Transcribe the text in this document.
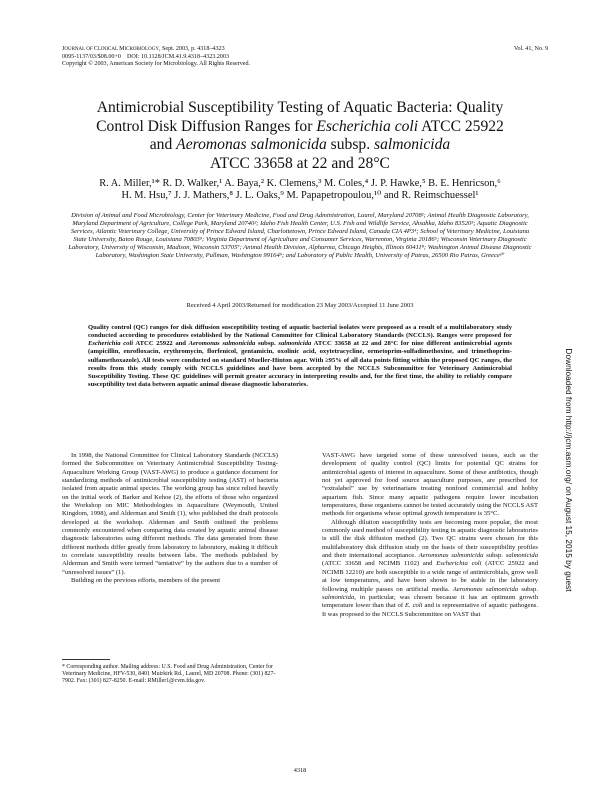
JOURNAL OF CLINICAL MICROBIOLOGY, Sept. 2003, p. 4318–4323
0095-1137/03/$08.00+0    DOI: 10.1128/JCM.41.9.4318–4323.2003
Copyright © 2003, American Society for Microbiology. All Rights Reserved.
Vol. 41, No. 9
Antimicrobial Susceptibility Testing of Aquatic Bacteria: Quality
Control Disk Diffusion Ranges for Escherichia coli ATCC 25922
and Aeromonas salmonicida subsp. salmonicida
ATCC 33658 at 22 and 28°C
R. A. Miller,¹* R. D. Walker,¹ A. Baya,² K. Clemens,³ M. Coles,⁴ J. P. Hawke,⁵ B. E. Henricson,⁶
H. M. Hsu,⁷ J. J. Mathers,⁸ J. L. Oaks,⁹ M. Papapetropoulou,¹⁰ and R. Reimschuessel¹
Division of Animal and Food Microbiology, Center for Veterinary Medicine, Food and Drug Administration, Laurel, Maryland 20708¹; Animal Health Diagnostic Laboratory, Maryland Department of Agriculture, College Park, Maryland 20740²; Idaho Fish Health Center, U.S. Fish and Wildlife Service, Ahsahka, Idaho 83520³; Aquatic Diagnostic Services, Atlantic Veterinary College, University of Prince Edward Island, Charlottetown, Prince Edward Island, Canada CIA 4P3⁴; School of Veterinary Medicine, Louisiana State University, Baton Rouge, Louisiana 70803⁵; Virginia Department of Agriculture and Consumer Services, Warrenton, Virginia 20186⁶; Wisconsin Veterinary Diagnostic Laboratory, University of Wisconsin, Madison, Wisconsin 53705⁷; Animal Health Division, Alpharma, Chicago Heights, Illinois 60411⁸; Washington Animal Disease Diagnostic Laboratory, Washington State University, Pullman, Washington 99164⁹; and Laboratory of Public Health, University of Patras, 26500 Rio Patras, Greece¹⁰
Received 4 April 2003/Returned for modification 23 May 2003/Accepted 11 June 2003
Quality control (QC) ranges for disk diffusion susceptibility testing of aquatic bacterial isolates were proposed as a result of a multilaboratory study conducted according to procedures established by the National Committee for Clinical Laboratory Standards (NCCLS). Ranges were proposed for Escherichia coli ATCC 25922 and Aeromonas salmonicida subsp. salmonicida ATCC 33658 at 22 and 28°C for nine different antimicrobial agents (ampicillin, enrofloxacin, erythromycin, florfenicol, gentamicin, oxolinic acid, oxytetracycline, ormetoprim-sulfadimethoxine, and trimethoprim-sulfamethoxazole). All tests were conducted on standard Mueller-Hinton agar. With ≥95% of all data points fitting within the proposed QC ranges, the results from this study comply with NCCLS guidelines and have been accepted by the NCCLS Subcommittee for Veterinary Antimicrobial Susceptibility Testing. These QC guidelines will permit greater accuracy in interpreting results and, for the first time, the ability to reliably compare susceptibility test data between aquatic animal disease diagnostic laboratories.

In 1998, the National Committee for Clinical Laboratory Standards (NCCLS) formed the Subcommittee on Veterinary Antimicrobial Susceptibility Testing-Aquaculture Working Group (VAST-AWG) to produce a guidance document for standardizing methods of antimicrobial susceptibility testing (AST) of bacteria isolated from aquatic animal species. The working group has since relied heavily on the initial work of Barker and Kehoe (2), the efforts of those who organized the Workshop on MIC Methodologies in Aquaculture (Weymouth, United Kingdom, 1998), and Alderman and Smith (1), who published the draft protocols developed at the workshop. Alderman and Smith outlined the problems commonly encountered when comparing data created by aquatic animal disease diagnostic laboratories using different methods. The data generated from these different methods differ greatly from laboratory to laboratory, making it difficult to correlate susceptibility results between labs. The methods published by Alderman and Smith were termed “tentative” by the authors due to a number of “unresolved issues” (1).

Building on the previous efforts, members of the present

VAST-AWG have targeted some of these unresolved issues, such as the development of quality control (QC) limits for potential QC strains for antimicrobial agents of interest in aquaculture. Some of these antibiotics, though not yet approved for food source aquaculture purposes, are prescribed for “extralabel” use by veterinarians treating nonfood commercial and hobby aquarium fish. Since many aquatic pathogens require lower incubation temperatures, these organisms cannot be tested accurately using the NCCLS AST methods for organisms whose optimal growth temperature is 35°C.

Although dilution susceptibility tests are becoming more popular, the most commonly used method of susceptibility testing in aquatic diagnostic laboratories is still the disk diffusion method (2). Two QC strains were chosen for this multilaboratory disk diffusion study on the basis of their susceptibility profiles and their international acceptance. Aeromonas salmonicida subsp. salmonicida (ATCC 33658 and NCIMB 1102) and Escherichia coli (ATCC 25922 and NCIMB 12210) are both susceptible to a wide range of antimicrobials, grow well at low temperatures, and have been shown to be stable in the laboratory following multiple passes on artificial media. Aeromonas salmonicida subsp. salmonicida, in particular, was chosen because it has an optimum growth temperature lower than that of E. coli and is representative of aquatic pathogens. It was proposed to the NCCLS Subcommittee on VAST that

* Corresponding author. Mailing address: U.S. Food and Drug Administration, Center for Veterinary Medicine, HFV-530, 8401 Muirkirk Rd., Laurel, MD 20708. Phone: (301) 827-7902. Fax: (301) 827-8250. E-mail: RMiller1@cvm.fda.gov.
4318
Downloaded from http://jcm.asm.org/ on August 15, 2015 by guest
